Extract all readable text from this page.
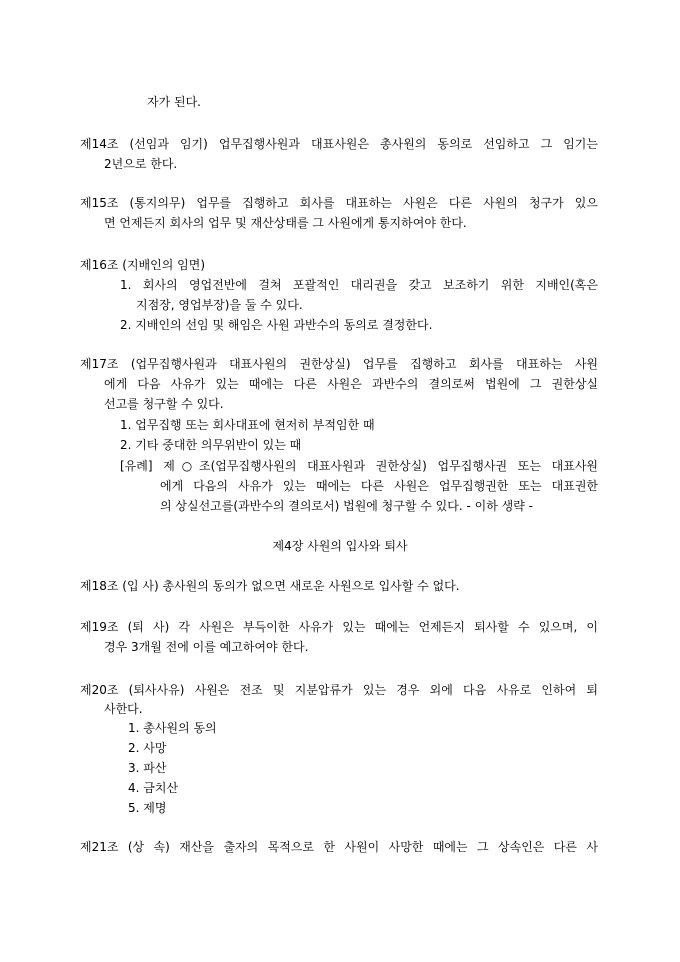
자가 된다.
제14조 (선임과 임기) 업무집행사원과 대표사원은 총사원의 동의로 선임하고 그 임기는
2년으로 한다.
제15조 (통지의무) 업무를 집행하고 회사를 대표하는 사원은 다른 사원의 청구가 있으
면 언제든지 회사의 업무 및 재산상태를 그 사원에게 통지하여야 한다.
제16조 (지배인의 임면)
1. 회사의 영업전반에 걸쳐 포괄적인 대리권을 갖고 보조하기 위한 지배인(혹은
지점장, 영업부장)을 둘 수 있다.
2. 지배인의 선임 및 해임은 사원 과반수의 동의로 결정한다.
제17조 (업무집행사원과 대표사원의 권한상실) 업무를 집행하고 회사를 대표하는 사원
에게 다음 사유가 있는 때에는 다른 사원은 과반수의 결의로써 법원에 그 권한상실
선고를 청구할 수 있다.
1. 업무집행 또는 회사대표에 현저히 부적임한 때
2. 기타 중대한 의무위반이 있는 때
[유례] 제○조(업무집행사원의 대표사원과 권한상실) 업무집행사권 또는 대표사원
에게 다음의 사유가 있는 때에는 다른 사원은 업무집행권한 또는 대표권한
의 상실선고를(과반수의 결의로서) 법원에 청구할 수 있다. - 이하 생략 -
제4장 사원의 입사와 퇴사
제18조 (입 사) 총사원의 동의가 없으면 새로운 사원으로 입사할 수 없다.
제19조 (퇴 사) 각 사원은 부득이한 사유가 있는 때에는 언제든지 퇴사할 수 있으며, 이
경우 3개월 전에 이를 예고하여야 한다.
제20조 (퇴사사유) 사원은 전조 및 지분압류가 있는 경우 외에 다음 사유로 인하여 퇴
사한다.
1. 총사원의 동의
2. 사망
3. 파산
4. 금치산
5. 제명
제21조 (상 속) 재산을 출자의 목적으로 한 사원이 사망한 때에는 그 상속인은 다른 사
